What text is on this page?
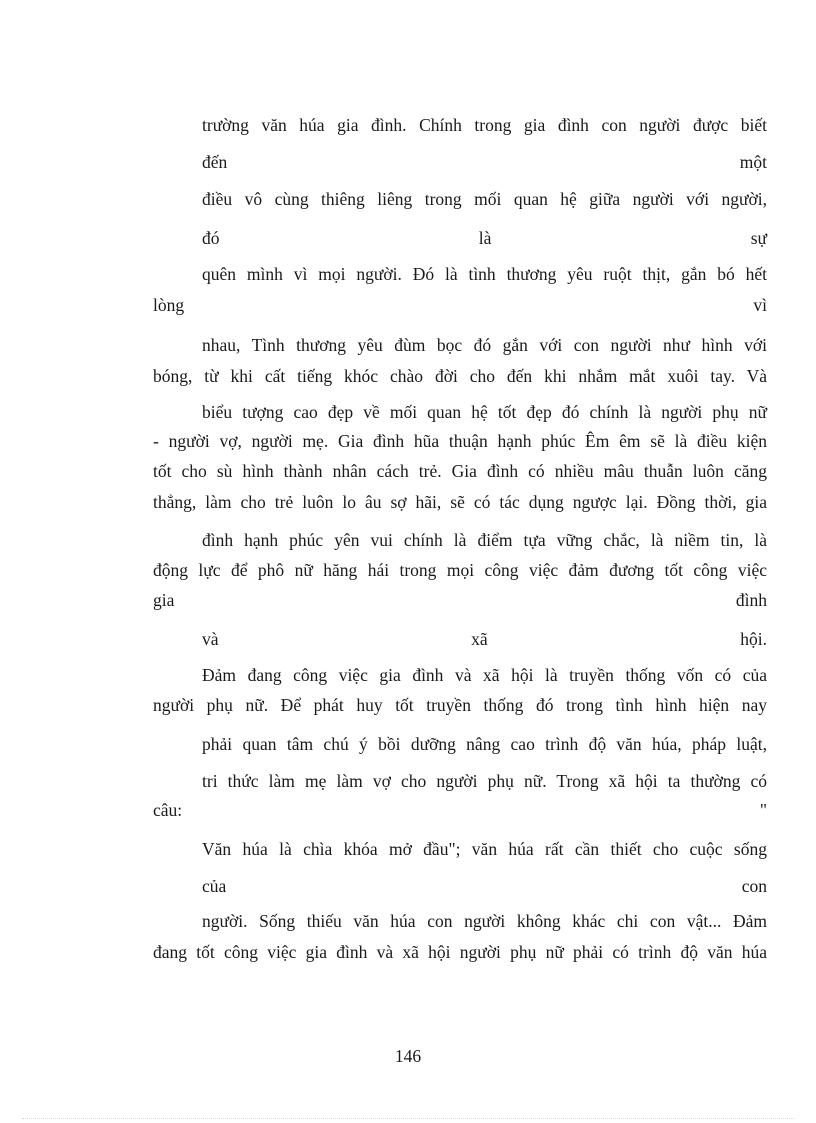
trường văn húa gia đình. Chính trong gia đình con người được biết
đến	một
điều vô cùng thiêng liêng trong mối quan hệ giữa người với người,
đó	là	sự
quên mình vì mọi người. Đó là tình thương yêu ruột thịt, gắn bó hết
lòng	vì
nhau, Tình thương yêu đùm bọc đó gắn với con người như hình với
bóng, từ khi cất tiếng khóc chào đời cho đến khi nhắm mắt xuôi tay. Và
biểu tượng cao đẹp về mối quan hệ tốt đẹp đó chính là người phụ nữ
- người vợ, người mẹ. Gia đình hũa thuận hạnh phúc Êm êm sẽ là điều kiện
tốt cho sù hình thành nhân cách trẻ. Gia đình có nhiều mâu thuẫn luôn căng
thẳng, làm cho trẻ luôn lo âu sợ hãi, sẽ có tác dụng ngược lại. Đồng thời, gia
đình hạnh phúc yên vui chính là điểm tựa vững chắc, là niềm tin, là
động lực để phô nữ hăng hái trong mọi công việc đảm đương tốt công việc
gia	đình
và	xã	hội.
Đảm đang công việc gia đình và xã hội là truyền thống vốn có của
người phụ nữ. Để phát huy tốt truyền thống đó trong tình hình hiện nay
phải quan tâm chú ý bồi dưỡng nâng cao trình độ văn húa, pháp luật,
tri thức làm mẹ làm vợ cho người phụ nữ. Trong xã hội ta thường có
câu:	"
Văn húa là chìa khóa mở đầu"; văn húa rất cần thiết cho cuộc sống
của	con
người. Sống thiếu văn húa con người không khác chi con vật... Đảm
đang tốt công việc gia đình và xã hội người phụ nữ phải có trình độ văn húa
146
